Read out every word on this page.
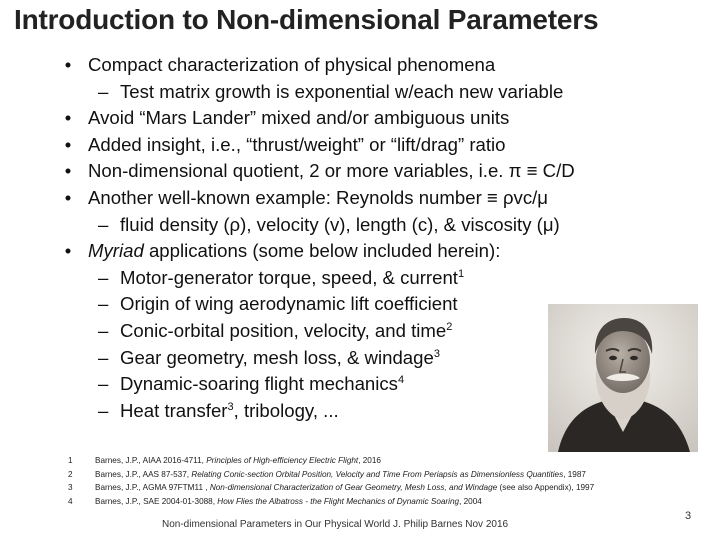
Introduction to Non-dimensional Parameters
• Compact characterization of physical phenomena
– Test matrix growth is exponential w/each new variable
• Avoid “Mars Lander” mixed and/or ambiguous units
• Added insight, i.e., “thrust/weight” or “lift/drag” ratio
• Non-dimensional quotient, 2 or more variables, i.e. π ≡ C/D
• Another well-known example: Reynolds number ≡ ρvc/μ
– fluid density (ρ), velocity (v), length (c), & viscosity (μ)
• Myriad applications (some below included herein):
– Motor-generator torque, speed, & current$^1$
– Origin of wing aerodynamic lift coefficient
– Conic-orbital position, velocity, and time$^2$
– Gear geometry, mesh loss, & windage$^3$
– Dynamic-soaring flight mechanics$^4$
– Heat transfer$^3$, tribology, ...
1	Barnes, J.P., AIAA 2016-4711, Principles of High-efficiency Electric Flight, 2016
2	Barnes, J.P., AAS 87-537, Relating Conic-section Orbital Position, Velocity and Time From Periapsis as Dimensionless Quantities, 1987
3	Barnes, J.P., AGMA 97FTM11 , Non-dimensional Characterization of Gear Geometry, Mesh Loss, and Windage (see also Appendix), 1997
4	Barnes, J.P., SAE 2004-01-3088, How Flies the Albatross - the Flight Mechanics of Dynamic Soaring, 2004
Non-dimensional Parameters in Our Physical World J. Philip Barnes Nov 2016
3
